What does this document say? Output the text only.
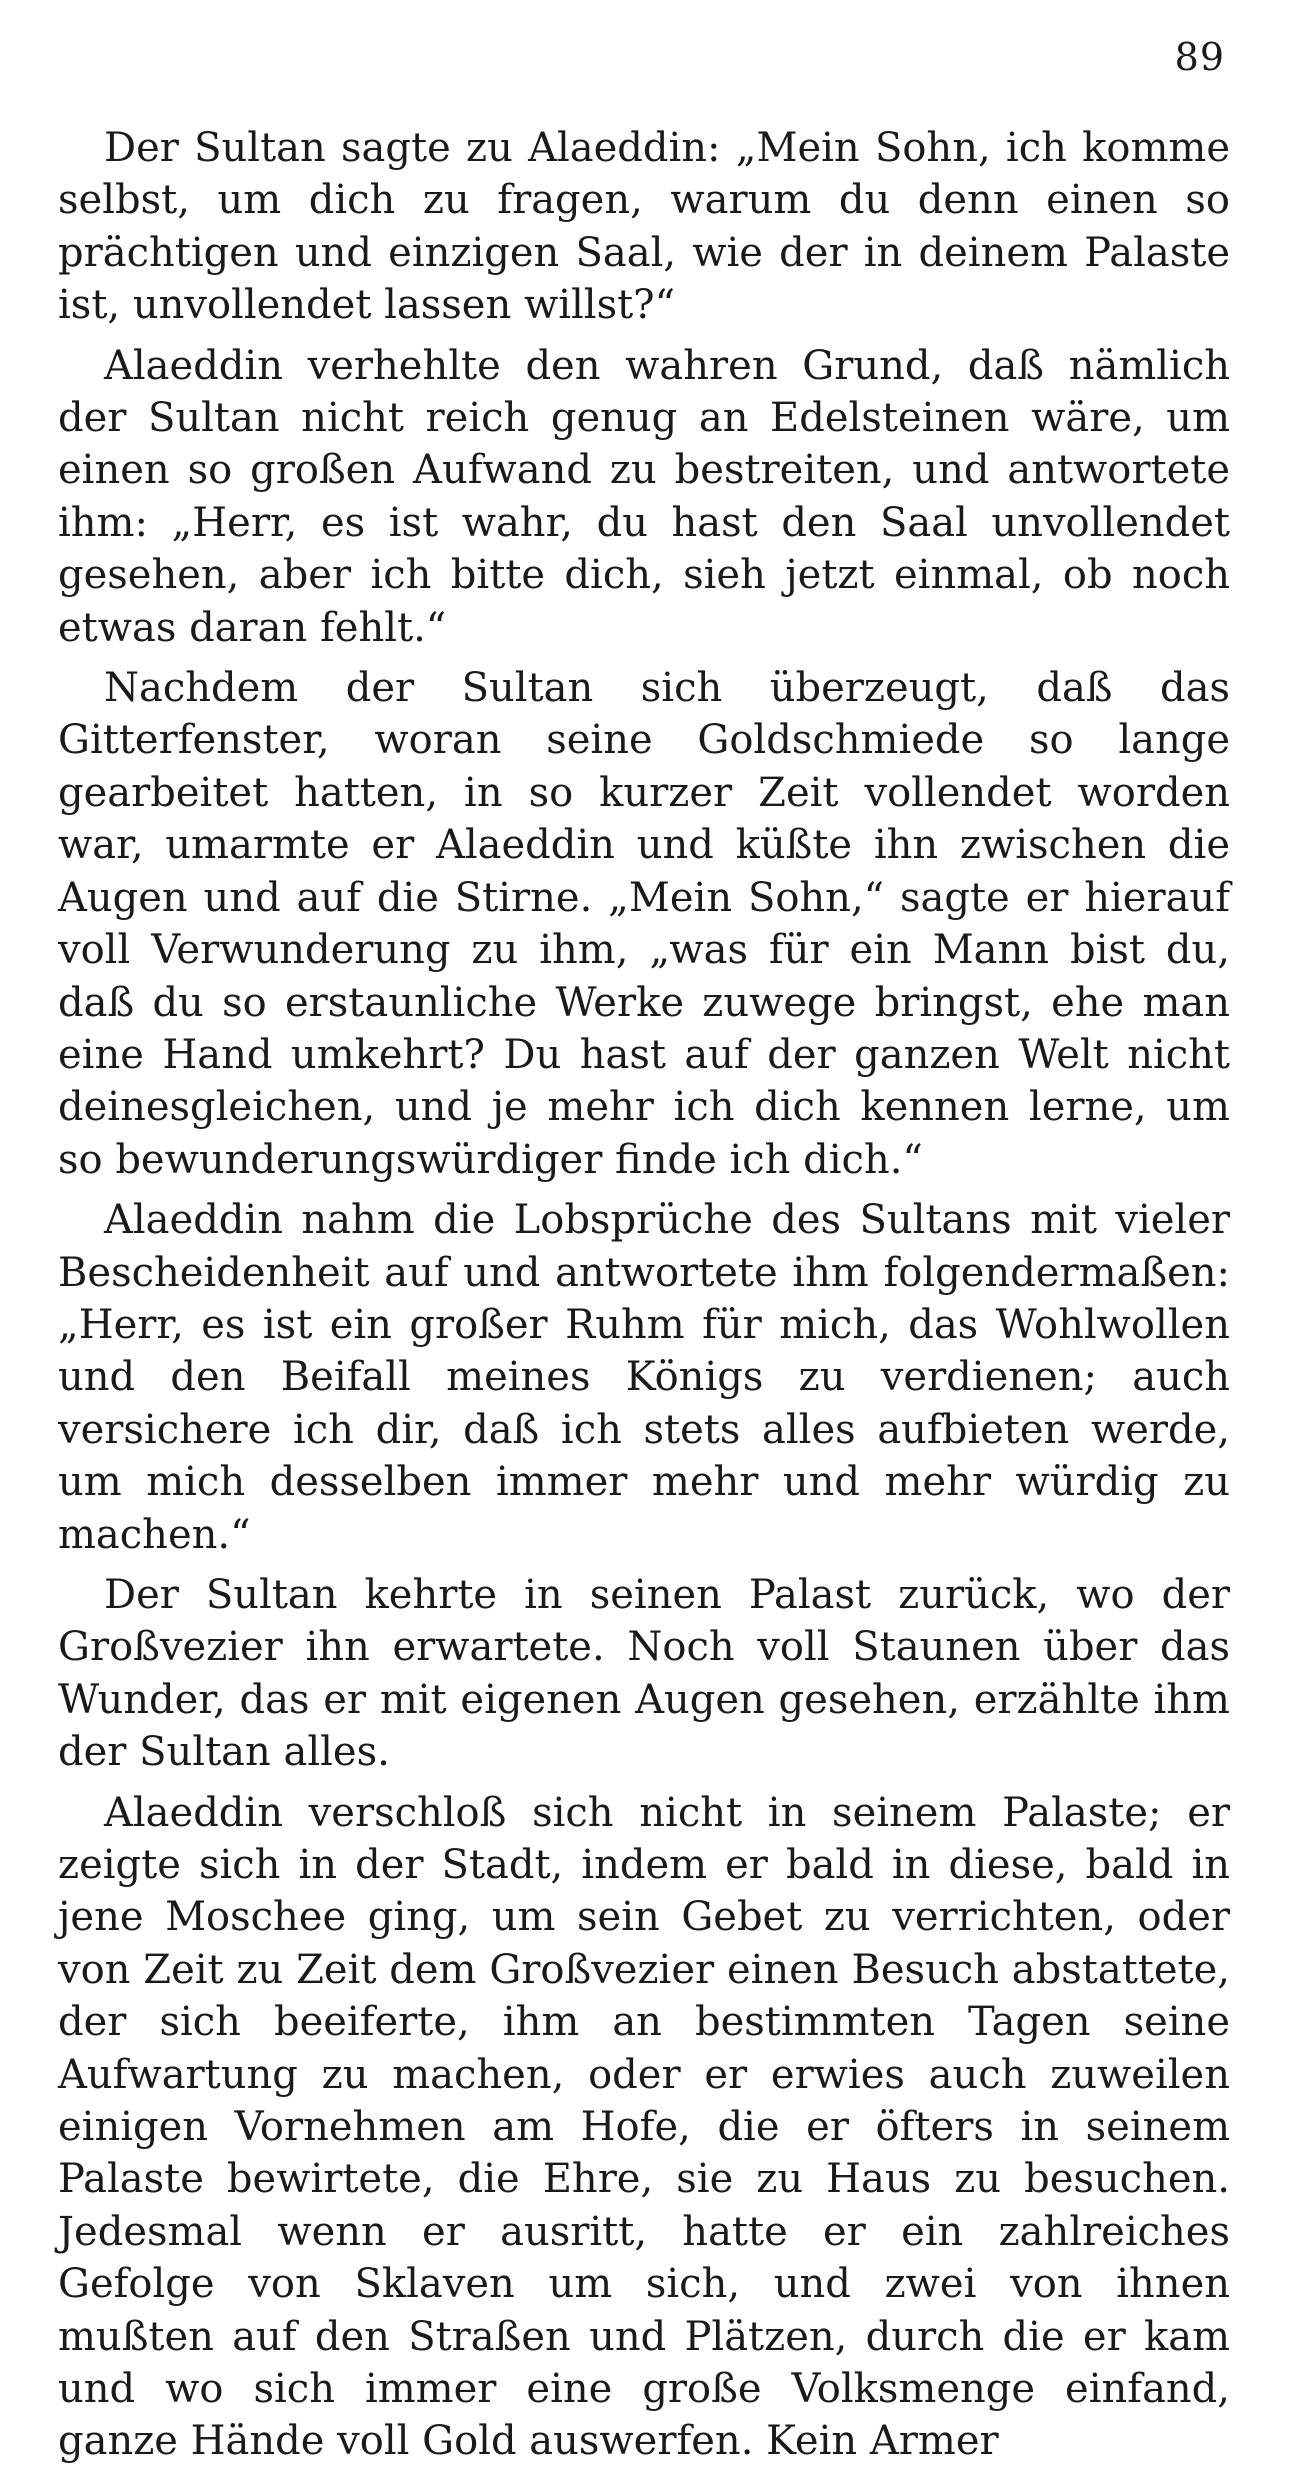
89

Der Sultan sagte zu Alaeddin: „Mein Sohn, ich komme selbst, um dich zu fragen, warum du denn einen so prächtigen und einzigen Saal, wie der in deinem Palaste ist, unvollendet lassen willst?“

Alaeddin verhehlte den wahren Grund, daß nämlich der Sultan nicht reich genug an Edelsteinen wäre, um einen so großen Aufwand zu bestreiten, und antwortete ihm: „Herr, es ist wahr, du hast den Saal unvollendet gesehen, aber ich bitte dich, sieh jetzt einmal, ob noch etwas daran fehlt.“

Nachdem der Sultan sich überzeugt, daß das Gitterfenster, woran seine Goldschmiede so lange gearbeitet hatten, in so kurzer Zeit vollendet worden war, umarmte er Alaeddin und küßte ihn zwischen die Augen und auf die Stirne. „Mein Sohn,“ sagte er hierauf voll Verwunderung zu ihm, „was für ein Mann bist du, daß du so erstaunliche Werke zuwege bringst, ehe man eine Hand umkehrt? Du hast auf der ganzen Welt nicht deinesgleichen, und je mehr ich dich kennen lerne, um so bewunderungswürdiger finde ich dich.“

Alaeddin nahm die Lobsprüche des Sultans mit vieler Bescheidenheit auf und antwortete ihm folgendermaßen: „Herr, es ist ein großer Ruhm für mich, das Wohlwollen und den Beifall meines Königs zu verdienen; auch versichere ich dir, daß ich stets alles aufbieten werde, um mich desselben immer mehr und mehr würdig zu machen.“

Der Sultan kehrte in seinen Palast zurück, wo der Großvezier ihn erwartete. Noch voll Staunen über das Wunder, das er mit eigenen Augen gesehen, erzählte ihm der Sultan alles.

Alaeddin verschloß sich nicht in seinem Palaste; er zeigte sich in der Stadt, indem er bald in diese, bald in jene Moschee ging, um sein Gebet zu verrichten, oder von Zeit zu Zeit dem Großvezier einen Besuch abstattete, der sich beeiferte, ihm an bestimmten Tagen seine Aufwartung zu machen, oder er erwies auch zuweilen einigen Vornehmen am Hofe, die er öfters in seinem Palaste bewirtete, die Ehre, sie zu Haus zu besuchen. Jedesmal wenn er ausritt, hatte er ein zahlreiches Gefolge von Sklaven um sich, und zwei von ihnen mußten auf den Straßen und Plätzen, durch die er kam und wo sich immer eine große Volksmenge einfand, ganze Hände voll Gold auswerfen. Kein Armer
